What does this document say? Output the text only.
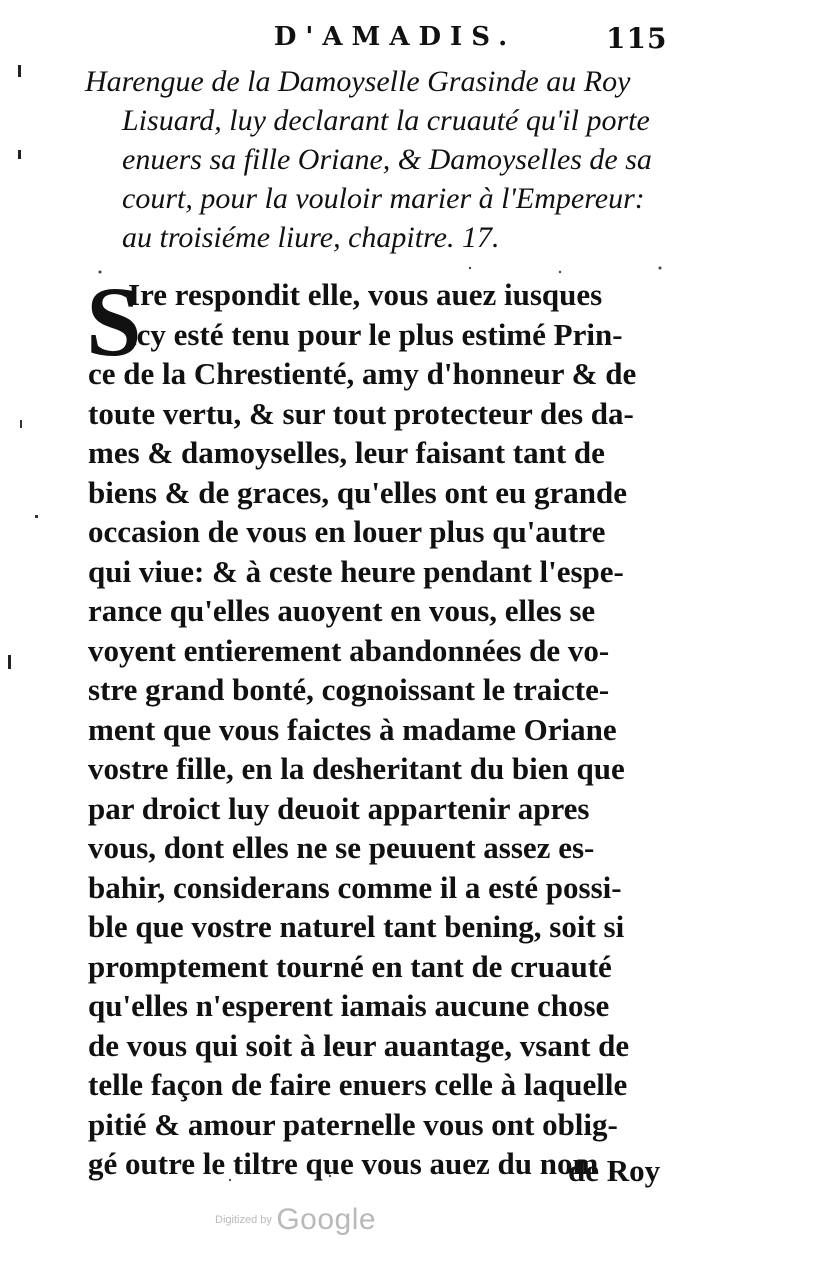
D'AMADIS.	115
Harengue de la Damoyselle Grasinde au Roy
Lisuard, luy declarant la cruauté qu'il porte
enuers sa fille Oriane, & Damoyselles de sa
court, pour la vouloir marier à l'Empereur:
au troisiéme liure, chapitre. 17.
S
Ire respondit elle, vous auez iusques
icy esté tenu pour le plus estimé Prin-
ce de la Chrestienté, amy d'honneur & de
toute vertu, & sur tout protecteur des da-
mes & damoyselles, leur faisant tant de
biens & de graces, qu'elles ont eu grande
occasion de vous en louer plus qu'autre
qui viue: & à ceste heure pendant l'espe-
rance qu'elles auoyent en vous, elles se
voyent entierement abandonnées de vo-
stre grand bonté, cognoissant le traicte-
ment que vous faictes à madame Oriane
vostre fille, en la desheritant du bien que
par droict luy deuoit appartenir apres
vous, dont elles ne se peuuent assez es-
bahir, considerans comme il a esté possi-
ble que vostre naturel tant bening, soit si
promptement tourné en tant de cruauté
qu'elles n'esperent iamais aucune chose
de vous qui soit à leur auantage, vsant de
telle façon de faire enuers celle à laquelle
pitié & amour paternelle vous ont oblig-
gé outre le tiltre que vous auez du nom
de Roy
Digitized by Google
